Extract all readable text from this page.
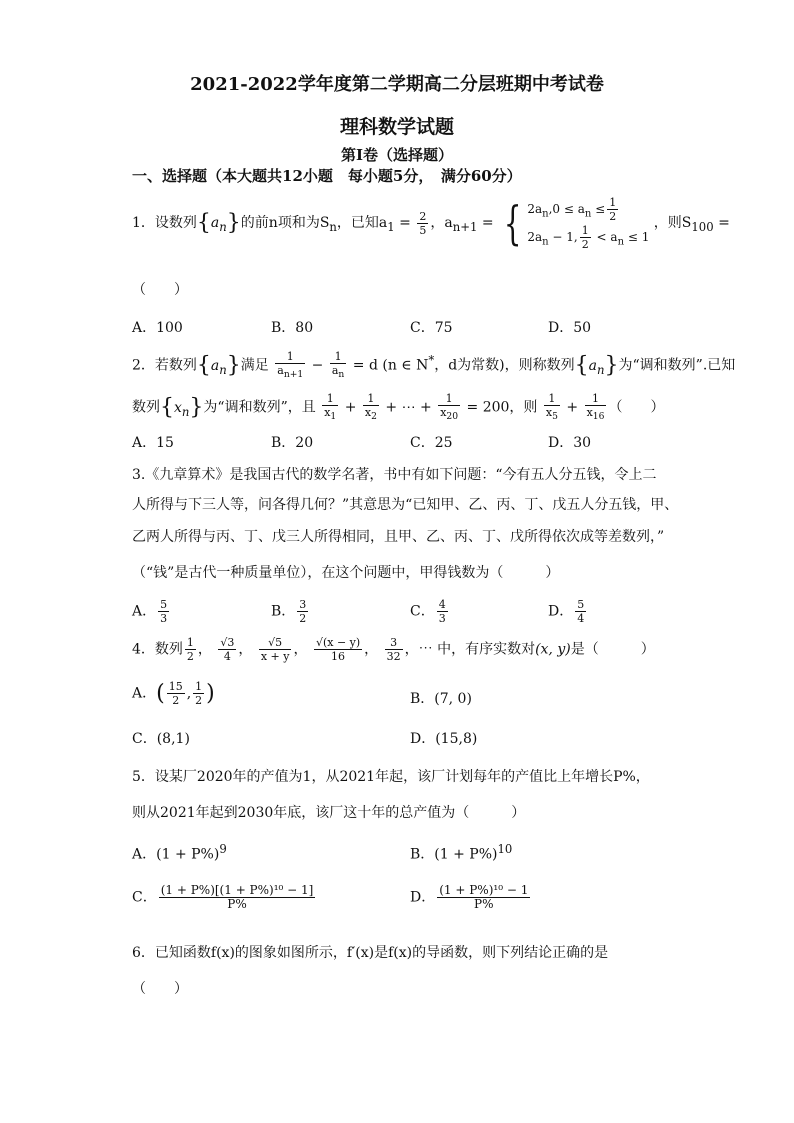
2021-2022学年度第二学期高二分层班期中考试卷
理科数学试题
第I卷（选择题）
一、选择题（本大题共12小题　每小题5分，　满分60分）
1．设数列$\{a_n\}$的前n项和为$S_n$，已知$a_1 = \frac{2}{5}$ ，$a_{n+1}$ = { $2a_n,0 \le a_n \le \frac{1}{2}$
$2a_n - 1$, $\frac{1}{2} < a_n \le 1$
，则$S_{100}$ =
（　　）
A．100	B．80	C．75	D．50
2．若数列$\{a_n\}$满足 $\frac{1}{a_{n+1}} - \frac{1}{a_n} = d$ (n ∈ N*，d为常数)，则称数列$\{a_n\}$为“调和数列”.已知
数列$\{x_n\}$为“调和数列”，且 $\frac{1}{x_1} + \frac{1}{x_2}$ + ⋯ + $\frac{1}{x_{20}} = 200$，则 $\frac{1}{x_5} + \frac{1}{x_{16}}$ （　　）
A．15	B．20	C．25	D．30
3.《九章算术》是我国古代的数学名著，书中有如下问题：“今有五人分五钱，令上二
人所得与下三人等，问各得几何？”其意思为“已知甲、乙、丙、丁、戊五人分五钱，甲、
乙两人所得与丙、丁、戊三人所得相同，且甲、乙、丙、丁、戊所得依次成等差数列，”
（“钱”是古代一种质量单位），在这个问题中，甲得钱数为（　　　）
A． $\frac{5}{3}$	B． $\frac{3}{2}$	C． $\frac{4}{3}$	D． $\frac{5}{4}$
4．数列 $\frac{1}{2}$ ， $\frac{√3}{4}$ ， $\frac{√5}{x + y}$ ， $\frac{√(x - y)}{16}$ ， $\frac{3}{32}$ ，⋯ 中，有序实数对(x, y)是（　　　）
A．( $\frac{15}{2}$ , $\frac{1}{2}$ )	B．(7, 0)
C．(8,1)	D．(15,8)
5．设某厂2020年的产值为1，从2021年起，该厂计划每年的产值比上年增长P%，
则从2021年起到2030年底，该厂这十年的总产值为（　　　）
A．$(1 + P\%)^9$	B．$(1 + P\%)^{10}$
C． $\frac{\text{(1 + P\%)[(1 + P\%)¹⁰ − 1]}}{P\%}$	D． $\frac{\text{(1 + P\%)¹⁰ − 1}}{P\%}$
6．已知函数f(x)的图象如图所示，f′(x)是f(x)的导函数，则下列结论正确的是
（　　）
